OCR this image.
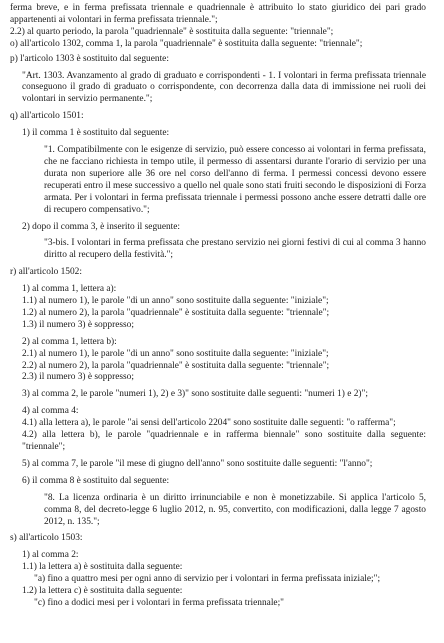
ferma breve, e in ferma prefissata triennale e quadriennale è attribuito lo stato giuridico dei pari grado appartenenti ai volontari in ferma prefissata triennale.";

2.2) al quarto periodo, la parola "quadriennale" è sostituita dalla seguente: "triennale";

o) all'articolo 1302, comma 1, la parola "quadriennale" è sostituita dalla seguente: "triennale";

p) l'articolo 1303 è sostituito dal seguente:

"Art. 1303. Avanzamento al grado di graduato e corrispondenti - 1. I volontari in ferma prefissata triennale conseguono il grado di graduato o corrispondente, con decorrenza dalla data di immissione nei ruoli dei volontari in servizio permanente.";

q) all'articolo 1501:

1) il comma 1 è sostituito dal seguente:

"1. Compatibilmente con le esigenze di servizio, può essere concesso ai volontari in ferma prefissata, che ne facciano richiesta in tempo utile, il permesso di assentarsi durante l'orario di servizio per una durata non superiore alle 36 ore nel corso dell'anno di ferma. I permessi concessi devono essere recuperati entro il mese successivo a quello nel quale sono stati fruiti secondo le disposizioni di Forza armata. Per i volontari in ferma prefissata triennale i permessi possono anche essere detratti dalle ore di recupero compensativo.";

2) dopo il comma 3, è inserito il seguente:

"3-bis. I volontari in ferma prefissata che prestano servizio nei giorni festivi di cui al comma 3 hanno diritto al recupero della festività.";

r) all'articolo 1502:

1) al comma 1, lettera a):

1.1) al numero 1), le parole "di un anno" sono sostituite dalla seguente: "iniziale";

1.2) al numero 2), la parola "quadriennale" è sostituita dalla seguente: "triennale";

1.3) il numero 3) è soppresso;

2) al comma 1, lettera b):

2.1) al numero 1), le parole "di un anno" sono sostituite dalla seguente: "iniziale";

2.2) al numero 2), la parola "quadriennale" è sostituita dalla seguente: "triennale";

2.3) il numero 3) è soppresso;

3) al comma 2, le parole "numeri 1), 2) e 3)" sono sostituite dalle seguenti: "numeri 1) e 2)";

4) al comma 4:

4.1) alla lettera a), le parole "ai sensi dell'articolo 2204" sono sostituite dalle seguenti: "o rafferma";

4.2) alla lettera b), le parole "quadriennale e in rafferma biennale" sono sostituite dalla seguente: "triennale";

5) al comma 7, le parole "il mese di giugno dell'anno" sono sostituite dalle seguenti: "l'anno";

6) il comma 8 è sostituito dal seguente:

"8. La licenza ordinaria è un diritto irrinunciabile e non è monetizzabile. Si applica l'articolo 5, comma 8, del decreto-legge 6 luglio 2012, n. 95, convertito, con modificazioni, dalla legge 7 agosto 2012, n. 135.";

s) all'articolo 1503:

1) al comma 2:

1.1) la lettera a) è sostituita dalla seguente:

"a) fino a quattro mesi per ogni anno di servizio per i volontari in ferma prefissata iniziale;";

1.2) la lettera c) è sostituita dalla seguente:

"c) fino a dodici mesi per i volontari in ferma prefissata triennale;"
